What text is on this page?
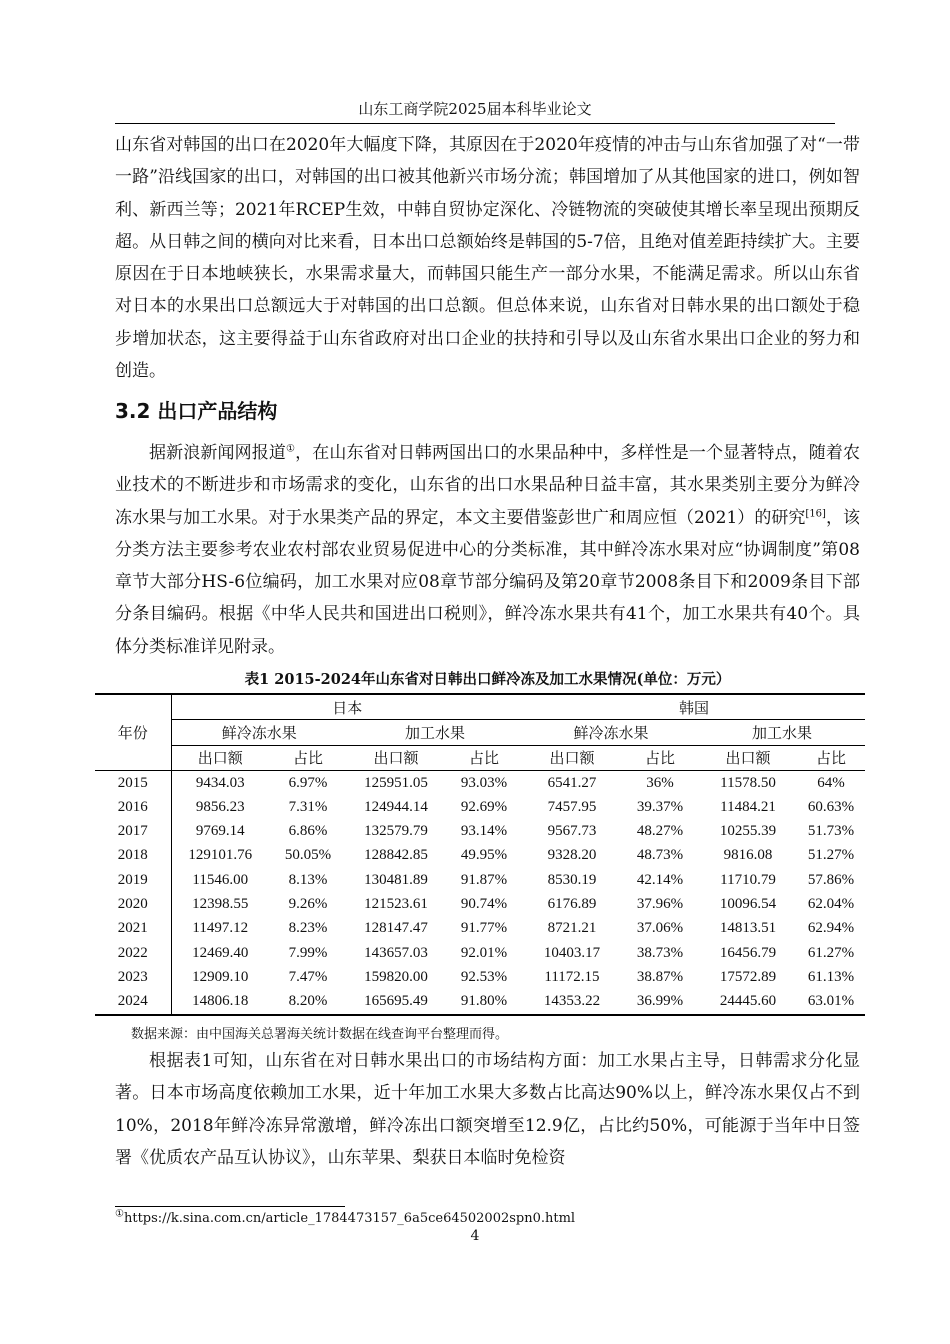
山东工商学院2025届本科毕业论文

山东省对韩国的出口在2020年大幅度下降，其原因在于2020年疫情的冲击与山东省加强了对“一带一路”沿线国家的出口，对韩国的出口被其他新兴市场分流；韩国增加了从其他国家的进口，例如智利、新西兰等；2021年RCEP生效，中韩自贸协定深化、冷链物流的突破使其增长率呈现出预期反超。从日韩之间的横向对比来看，日本出口总额始终是韩国的5-7倍，且绝对值差距持续扩大。主要原因在于日本地峡狭长，水果需求量大，而韩国只能生产一部分水果，不能满足需求。所以山东省对日本的水果出口总额远大于对韩国的出口总额。但总体来说，山东省对日韩水果的出口额处于稳步增加状态，这主要得益于山东省政府对出口企业的扶持和引导以及山东省水果出口企业的努力和创造。

3.2 出口产品结构

据新浪新闻网报道①，在山东省对日韩两国出口的水果品种中，多样性是一个显著特点，随着农业技术的不断进步和市场需求的变化，山东省的出口水果品种日益丰富，其水果类别主要分为鲜冷冻水果与加工水果。对于水果类产品的界定，本文主要借鉴彭世广和周应恒（2021）的研究[16]，该分类方法主要参考农业农村部农业贸易促进中心的分类标准，其中鲜冷冻水果对应“协调制度”第08章节大部分HS-6位编码，加工水果对应08章节部分编码及第20章节2008条目下和2009条目下部分条目编码。根据《中华人民共和国进出口税则》，鲜冷冻水果共有41个，加工水果共有40个。具体分类标准详见附录。

表1 2015-2024年山东省对日韩出口鲜冷冻及加工水果情况(单位：万元）
年份	日本				韩国			
	鲜冷冻水果		加工水果		鲜冷冻水果		加工水果	
	出口额	占比	出口额	占比	出口额	占比	出口额	占比
2015	9434.03	6.97%	125951.05	93.03%	6541.27	36%	11578.50	64%
2016	9856.23	7.31%	124944.14	92.69%	7457.95	39.37%	11484.21	60.63%
2017	9769.14	6.86%	132579.79	93.14%	9567.73	48.27%	10255.39	51.73%
2018	129101.76	50.05%	128842.85	49.95%	9328.20	48.73%	9816.08	51.27%
2019	11546.00	8.13%	130481.89	91.87%	8530.19	42.14%	11710.79	57.86%
2020	12398.55	9.26%	121523.61	90.74%	6176.89	37.96%	10096.54	62.04%
2021	11497.12	8.23%	128147.47	91.77%	8721.21	37.06%	14813.51	62.94%
2022	12469.40	7.99%	143657.03	92.01%	10403.17	38.73%	16456.79	61.27%
2023	12909.10	7.47%	159820.00	92.53%	11172.15	38.87%	17572.89	61.13%
2024	14806.18	8.20%	165695.49	91.80%	14353.22	36.99%	24445.60	63.01%
数据来源：由中国海关总署海关统计数据在线查询平台整理而得。

根据表1可知，山东省在对日韩水果出口的市场结构方面：加工水果占主导，日韩需求分化显著。日本市场高度依赖加工水果，近十年加工水果大多数占比高达90%以上，鲜冷冻水果仅占不到10%，2018年鲜冷冻异常激增，鲜冷冻出口额突增至12.9亿，占比约50%，可能源于当年中日签署《优质农产品互认协议》，山东苹果、梨获日本临时免检资

①https://k.sina.com.cn/article_1784473157_6a5ce64502002spn0.html
4
